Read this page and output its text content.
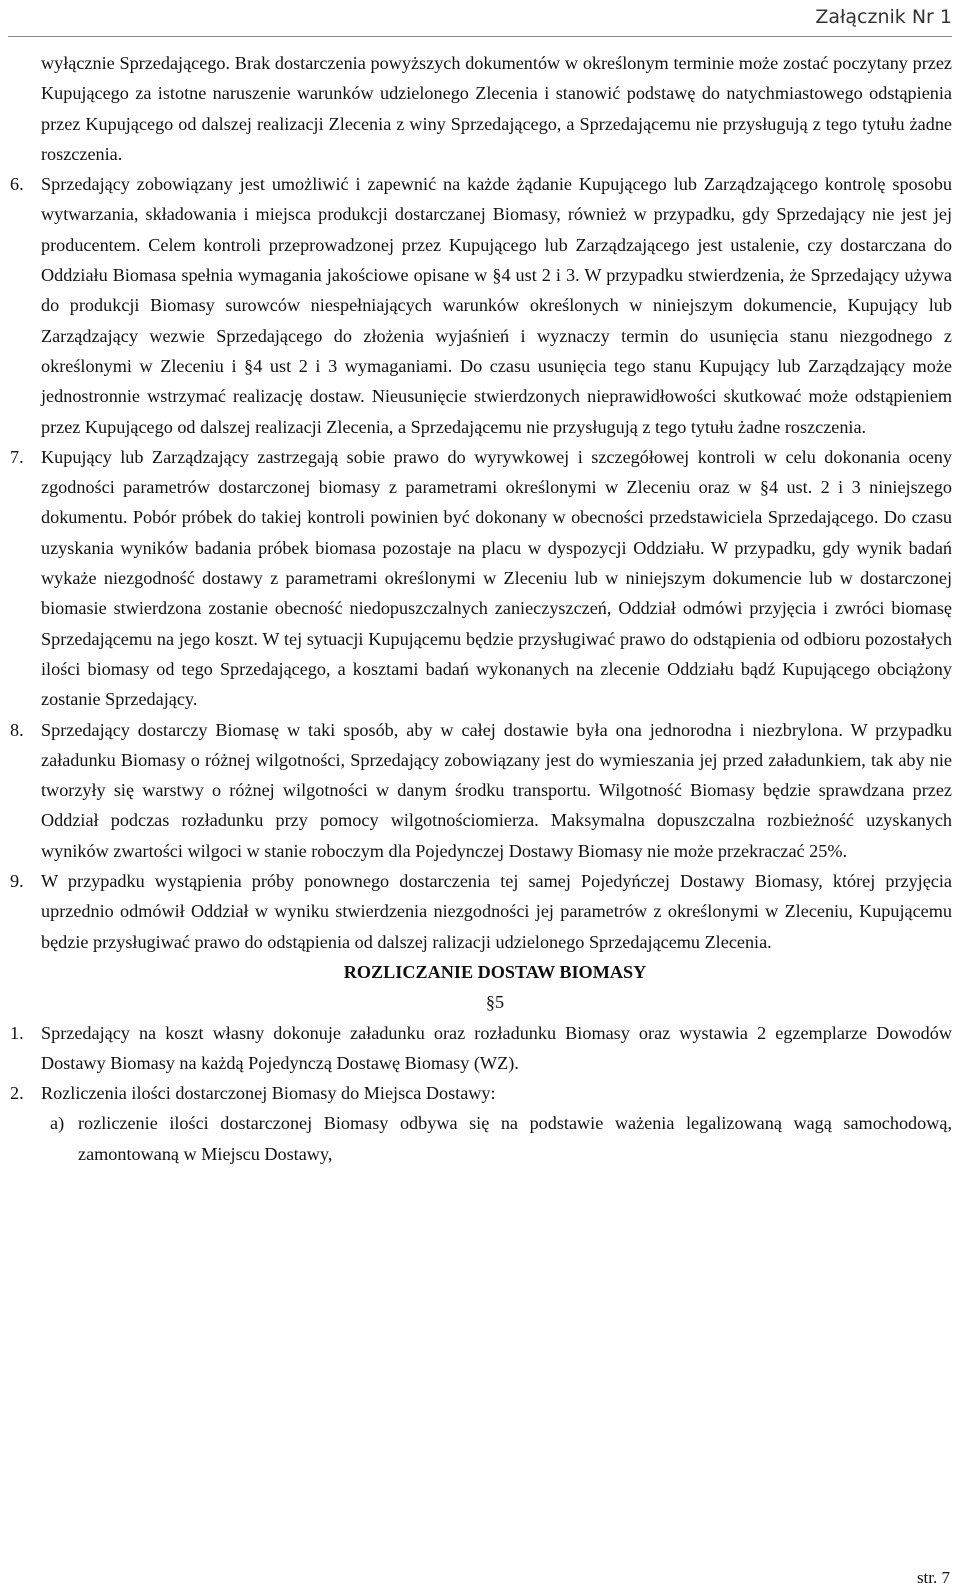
Załącznik Nr 1

wyłącznie Sprzedającego. Brak dostarczenia powyższych dokumentów w określonym terminie może zostać poczytany przez Kupującego za istotne naruszenie warunków udzielonego Zlecenia i stanowić podstawę do natychmiastowego odstąpienia przez Kupującego od dalszej realizacji Zlecenia z winy Sprzedającego, a Sprzedającemu nie przysługują z tego tytułu żadne roszczenia.

6. Sprzedający zobowiązany jest umożliwić i zapewnić na każde żądanie Kupującego lub Zarządzającego kontrolę sposobu wytwarzania, składowania i miejsca produkcji dostarczanej Biomasy, również w przypadku, gdy Sprzedający nie jest jej producentem. Celem kontroli przeprowadzonej przez Kupującego lub Zarządzającego jest ustalenie, czy dostarczana do Oddziału Biomasa spełnia wymagania jakościowe opisane w §4 ust 2 i 3. W przypadku stwierdzenia, że Sprzedający używa do produkcji Biomasy surowców niespełniających warunków określonych w niniejszym dokumencie, Kupujący lub Zarządzający wezwie Sprzedającego do złożenia wyjaśnień i wyznaczy termin do usunięcia stanu niezgodnego z określonymi w Zleceniu i §4 ust 2 i 3 wymaganiami. Do czasu usunięcia tego stanu Kupujący lub Zarządzający może jednostronnie wstrzymać realizację dostaw. Nieusunięcie stwierdzonych nieprawidłowości skutkować może odstąpieniem przez Kupującego od dalszej realizacji Zlecenia, a Sprzedającemu nie przysługują z tego tytułu żadne roszczenia.

7. Kupujący lub Zarządzający zastrzegają sobie prawo do wyrywkowej i szczegółowej kontroli w celu dokonania oceny zgodności parametrów dostarczonej biomasy z parametrami określonymi w Zleceniu oraz w §4 ust. 2 i 3 niniejszego dokumentu. Pobór próbek do takiej kontroli powinien być dokonany w obecności przedstawiciela Sprzedającego. Do czasu uzyskania wyników badania próbek biomasa pozostaje na placu w dyspozycji Oddziału. W przypadku, gdy wynik badań wykaże niezgodność dostawy z parametrami określonymi w Zleceniu lub w niniejszym dokumencie lub w dostarczonej biomasie stwierdzona zostanie obecność niedopuszczalnych zanieczyszczeń, Oddział odmówi przyjęcia i zwróci biomasę Sprzedającemu na jego koszt. W tej sytuacji Kupującemu będzie przysługiwać prawo do odstąpienia od odbioru pozostałych ilości biomasy od tego Sprzedającego, a kosztami badań wykonanych na zlecenie Oddziału bądź Kupującego obciążony zostanie Sprzedający.

8. Sprzedający dostarczy Biomasę w taki sposób, aby w całej dostawie była ona jednorodna i niezbrylona. W przypadku załadunku Biomasy o różnej wilgotności, Sprzedający zobowiązany jest do wymieszania jej przed załadunkiem, tak aby nie tworzyły się warstwy o różnej wilgotności w danym środku transportu. Wilgotność Biomasy będzie sprawdzana przez Oddział podczas rozładunku przy pomocy wilgotnościomierza. Maksymalna dopuszczalna rozbieżność uzyskanych wyników zwartości wilgoci w stanie roboczym dla Pojedynczej Dostawy Biomasy nie może przekraczać 25%.

9. W przypadku wystąpienia próby ponownego dostarczenia tej samej Pojedyńczej Dostawy Biomasy, której przyjęcia uprzednio odmówił Oddział w wyniku stwierdzenia niezgodności jej parametrów z określonymi w Zleceniu, Kupującemu będzie przysługiwać prawo do odstąpienia od dalszej ralizacji udzielonego Sprzedającemu Zlecenia.

ROZLICZANIE DOSTAW BIOMASY

§5

1. Sprzedający na koszt własny dokonuje załadunku oraz rozładunku Biomasy oraz wystawia 2 egzemplarze Dowodów Dostawy Biomasy na każdą Pojedynczą Dostawę Biomasy (WZ).

2. Rozliczenia ilości dostarczonej Biomasy do Miejsca Dostawy:

a) rozliczenie ilości dostarczonej Biomasy odbywa się na podstawie ważenia legalizowaną wagą samochodową, zamontowaną w Miejscu Dostawy,

str. 7
